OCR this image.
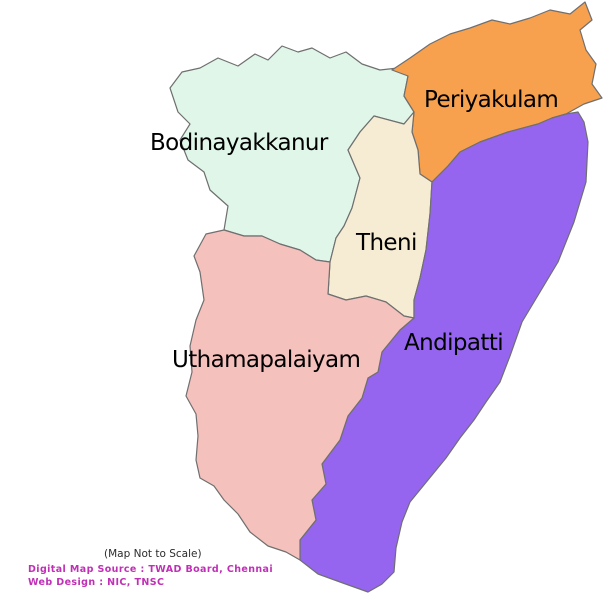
Bodinayakkanur
Periyakulam
Theni
Andipatti
Uthamapalaiyam
(Map Not to Scale)
Digital Map Source : TWAD Board, Chennai
Web Design : NIC, TNSC
